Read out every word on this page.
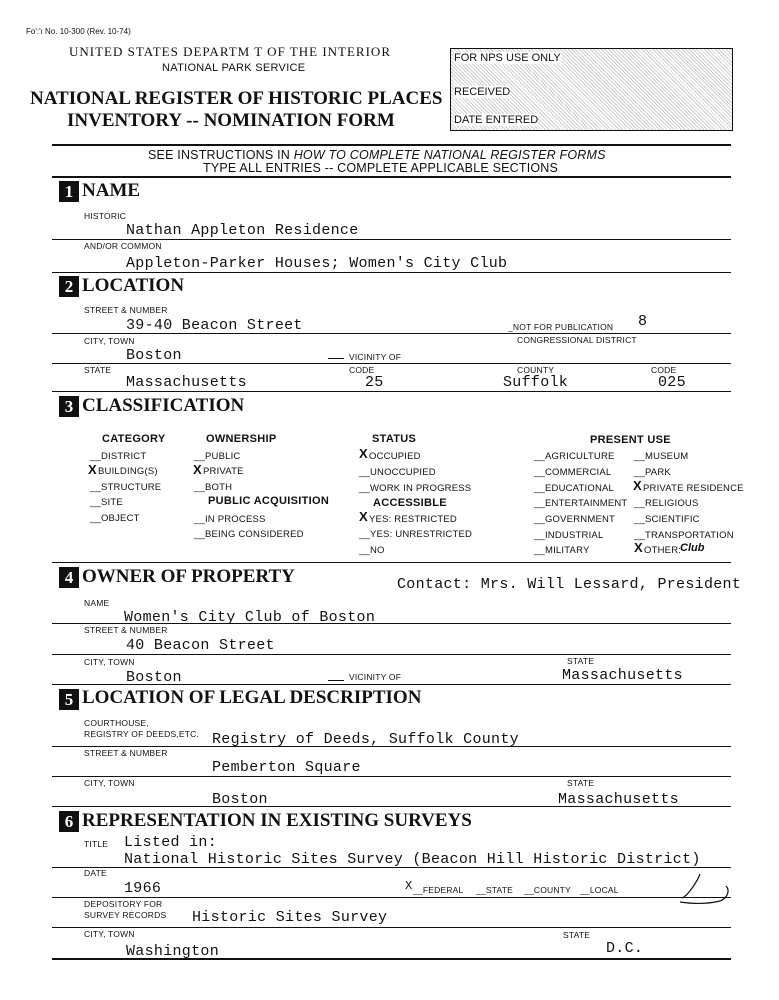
Fo':'ı No. 10-300 (Rev. 10-74)
UNITED STATES DEPARTM T OF THE INTERIOR
NATIONAL PARK SERVICE
NATIONAL REGISTER OF HISTORIC PLACES
INVENTORY -- NOMINATION FORM
FOR NPS USE ONLY
RECEIVED
DATE ENTERED
SEE INSTRUCTIONS IN HOW TO COMPLETE NATIONAL REGISTER FORMS
TYPE ALL ENTRIES -- COMPLETE APPLICABLE SECTIONS
1 NAME
HISTORIC
Nathan Appleton Residence
AND/OR COMMON
Appleton-Parker Houses; Women's City Club
2 LOCATION
STREET & NUMBER
39-40 Beacon Street	_NOT FOR PUBLICATION 8
CITY, TOWN	CONGRESSIONAL DISTRICT
Boston	VICINITY OF
STATE	CODE	COUNTY	CODE
Massachusetts	25	Suffolk	025
3 CLASSIFICATION
CATEGORY
__DISTRICT
X BUILDING(S)
__STRUCTURE
__SITE
__OBJECT
OWNERSHIP
__PUBLIC
X PRIVATE
__BOTH
PUBLIC ACQUISITION
__IN PROCESS
__BEING CONSIDERED
STATUS
X OCCUPIED
__UNOCCUPIED
__WORK IN PROGRESS
ACCESSIBLE
X YES: RESTRICTED
__YES: UNRESTRICTED
__NO
PRESENT USE
__AGRICULTURE
__COMMERCIAL
__EDUCATIONAL
__ENTERTAINMENT
__GOVERNMENT
__INDUSTRIAL
__MILITARY
__MUSEUM
__PARK
X PRIVATE RESIDENCE
__RELIGIOUS
__SCIENTIFIC
__TRANSPORTATION
X OTHER:
Club
4 OWNER OF PROPERTY	Contact: Mrs. Will Lessard, President
NAME
Women's City Club of Boston
STREET & NUMBER
40 Beacon Street
CITY, TOWN	STATE
Boston	VICINITY OF	Massachusetts
5 LOCATION OF LEGAL DESCRIPTION
COURTHOUSE,
REGISTRY OF DEEDS,ETC. Registry of Deeds, Suffolk County
STREET & NUMBER
Pemberton Square
CITY, TOWN	STATE
Boston	Massachusetts
6 REPRESENTATION IN EXISTING SURVEYS
TITLE Listed in:
National Historic Sites Survey (Beacon Hill Historic District)
DATE
1966	X __FEDERAL __STATE __COUNTY __LOCAL
DEPOSITORY FOR
SURVEY RECORDS Historic Sites Survey
CITY, TOWN	STATE
Washington	D.C.
